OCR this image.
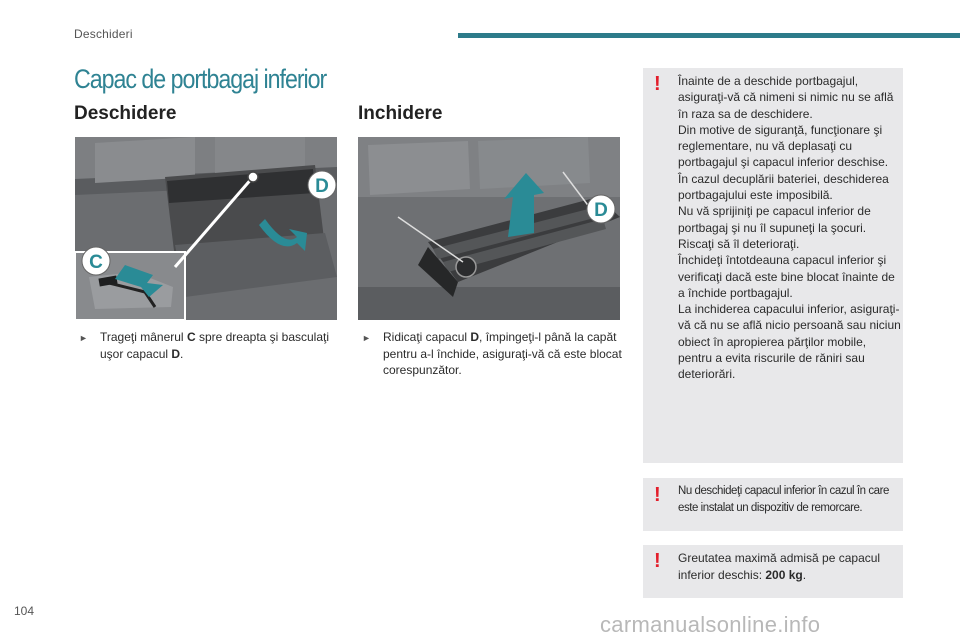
Deschideri
Capac de portbagaj inferior
Deschidere	Inchidere
D
C
D
►	Trageţi mânerul C spre dreapta şi basculaţi uşor capacul D.
►	Ridicaţi capacul D, împingeţi-l până la capăt pentru a-l închide, asiguraţi-vă că este blocat corespunzător.
! Înainte de a deschide portbagajul, asiguraţi-vă că nimeni si nimic nu se află în raza sa de deschidere.
Din motive de siguranţă, funcţionare şi reglementare, nu vă deplasaţi cu portbagajul şi capacul inferior deschise.
În cazul decuplării bateriei, deschiderea portbagajului este imposibilă.
Nu vă sprijiniţi pe capacul inferior de portbagaj şi nu îl supuneţi la şocuri.
Riscaţi să îl deterioraţi.
Închideţi întotdeauna capacul inferior şi verificaţi dacă este bine blocat înainte de a închide portbagajul.
La inchiderea capacului inferior, asiguraţi-vă că nu se află nicio persoană sau niciun obiect în apropierea părţilor mobile, pentru a evita riscurile de răniri sau deteriorări.
! Nu deschideţi capacul inferior în cazul în care este instalat un dispozitiv de remorcare.
! Greutatea maximă admisă pe capacul inferior deschis: 200 kg.
104
carmanualsonline.info
